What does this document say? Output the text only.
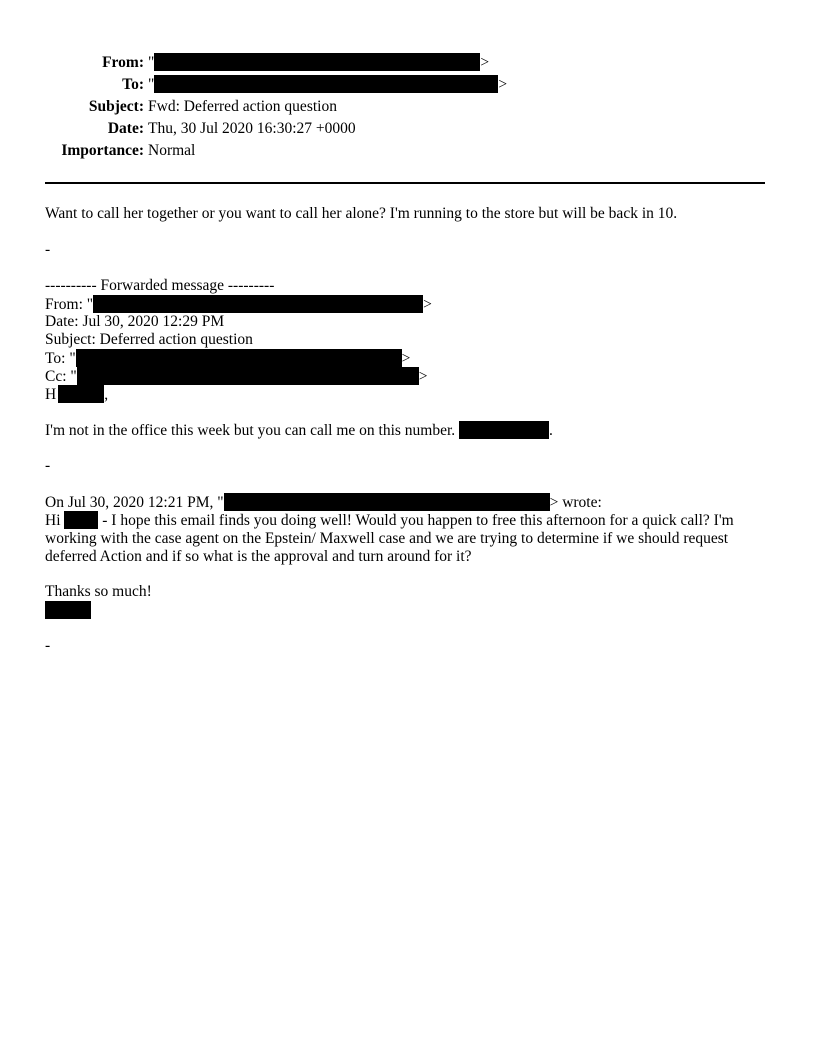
From: "	>
To: "	>
Subject: Fwd: Deferred action question
Date: Thu, 30 Jul 2020 16:30:27 +0000
Importance: Normal
Want to call her together or you want to call her alone? I'm running to the store but will be back in 10.
-
---------- Forwarded message ---------
From: "	>
Date: Jul 30, 2020 12:29 PM
Subject: Deferred action question
To: "	>
Cc: "	>
H	,
I'm not in the office this week but you can call me on this number.	.
-
On Jul 30, 2020 12:21 PM, "	> wrote:
Hi  - I hope this email finds you doing well! Would you happen to free this afternoon for a quick call? I'm working with the case agent on the Epstein/ Maxwell case and we are trying to determine if we should request deferred Action and if so what is the approval and turn around for it?
Thanks so much!
-
